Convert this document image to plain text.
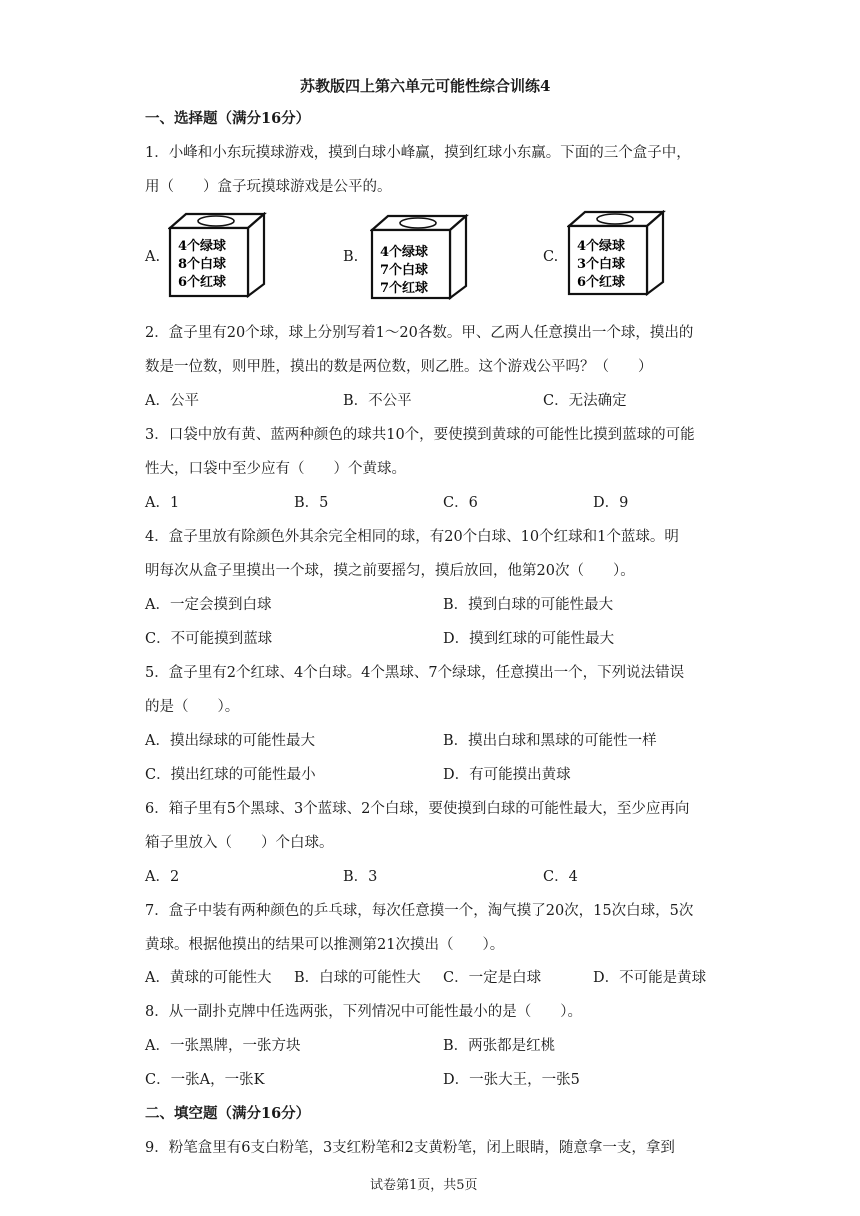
苏教版四上第六单元可能性综合训练4
一、选择题（满分16分）
1．小峰和小东玩摸球游戏，摸到白球小峰赢，摸到红球小东赢。下面的三个盒子中，
用（　　）盒子玩摸球游戏是公平的。
A.
4个绿球
8个白球
6个红球
B. 4个绿球
7个白球
7个红球
C.
4个绿球
3个白球
6个红球
2．盒子里有20个球，球上分别写着1～20各数。甲、乙两人任意摸出一个球，摸出的
数是一位数，则甲胜，摸出的数是两位数，则乙胜。这个游戏公平吗？（　　）
A．公平	B．不公平	C．无法确定
3．口袋中放有黄、蓝两种颜色的球共10个，要使摸到黄球的可能性比摸到蓝球的可能
性大，口袋中至少应有（　　）个黄球。
A．1	B．5	C．6	D．9
4．盒子里放有除颜色外其余完全相同的球，有20个白球、10个红球和1个蓝球。明
明每次从盒子里摸出一个球，摸之前要摇匀，摸后放回，他第20次（　　）。
A．一定会摸到白球	B．摸到白球的可能性最大
C．不可能摸到蓝球	D．摸到红球的可能性最大
5．盒子里有2个红球、4个白球。4个黑球、7个绿球，任意摸出一个，下列说法错误
的是（　　）。
A．摸出绿球的可能性最大	B．摸出白球和黑球的可能性一样
C．摸出红球的可能性最小	D．有可能摸出黄球
6．箱子里有5个黑球、3个蓝球、2个白球，要使摸到白球的可能性最大，至少应再向
箱子里放入（　　）个白球。
A．2	B．3	C．4
7．盒子中装有两种颜色的乒乓球，每次任意摸一个，淘气摸了20次，15次白球，5次
黄球。根据他摸出的结果可以推测第21次摸出（　　）。
A．黄球的可能性大 B．白球的可能性大 C．一定是白球	D．不可能是黄球
8．从一副扑克牌中任选两张，下列情况中可能性最小的是（　　）。
A．一张黑牌，一张方块	B．两张都是红桃
C．一张A，一张K	D．一张大王，一张5
二、填空题（满分16分）
9．粉笔盒里有6支白粉笔，3支红粉笔和2支黄粉笔，闭上眼睛，随意拿一支，拿到
试卷第1页，共5页
